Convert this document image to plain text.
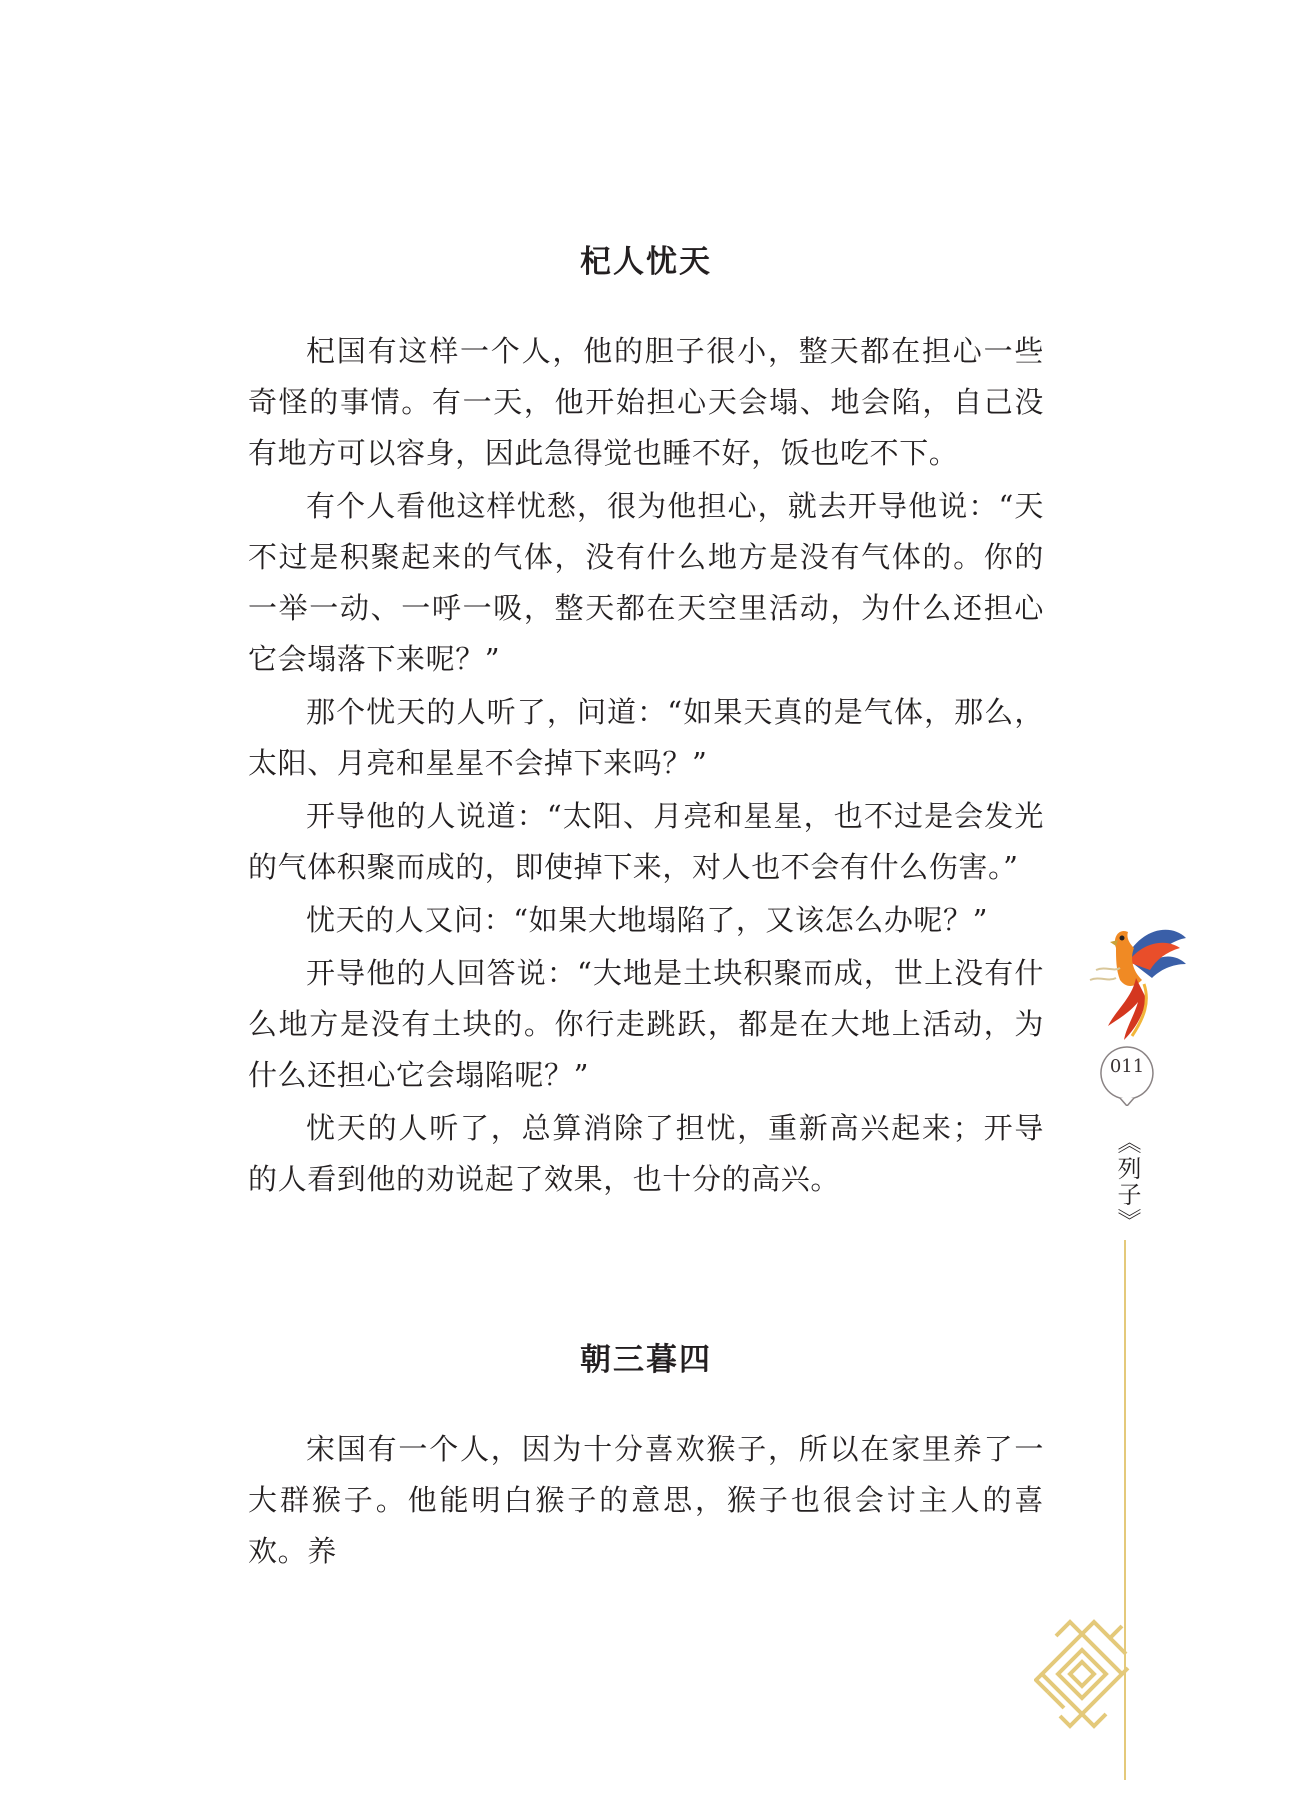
杞人忧天

杞国有这样一个人，他的胆子很小，整天都在担心一些奇怪的事情。有一天，他开始担心天会塌、地会陷，自己没有地方可以容身，因此急得觉也睡不好，饭也吃不下。

有个人看他这样忧愁，很为他担心，就去开导他说：“天不过是积聚起来的气体，没有什么地方是没有气体的。你的一举一动、一呼一吸，整天都在天空里活动，为什么还担心它会塌落下来呢？”

那个忧天的人听了，问道：“如果天真的是气体，那么，太阳、月亮和星星不会掉下来吗？”

开导他的人说道：“太阳、月亮和星星，也不过是会发光的气体积聚而成的，即使掉下来，对人也不会有什么伤害。”

忧天的人又问：“如果大地塌陷了，又该怎么办呢？”

开导他的人回答说：“大地是土块积聚而成，世上没有什么地方是没有土块的。你行走跳跃，都是在大地上活动，为什么还担心它会塌陷呢？”

忧天的人听了，总算消除了担忧，重新高兴起来；开导的人看到他的劝说起了效果，也十分的高兴。

朝三暮四

宋国有一个人，因为十分喜欢猴子，所以在家里养了一大群猴子。他能明白猴子的意思，猴子也很会讨主人的喜欢。养

011
《列子》
